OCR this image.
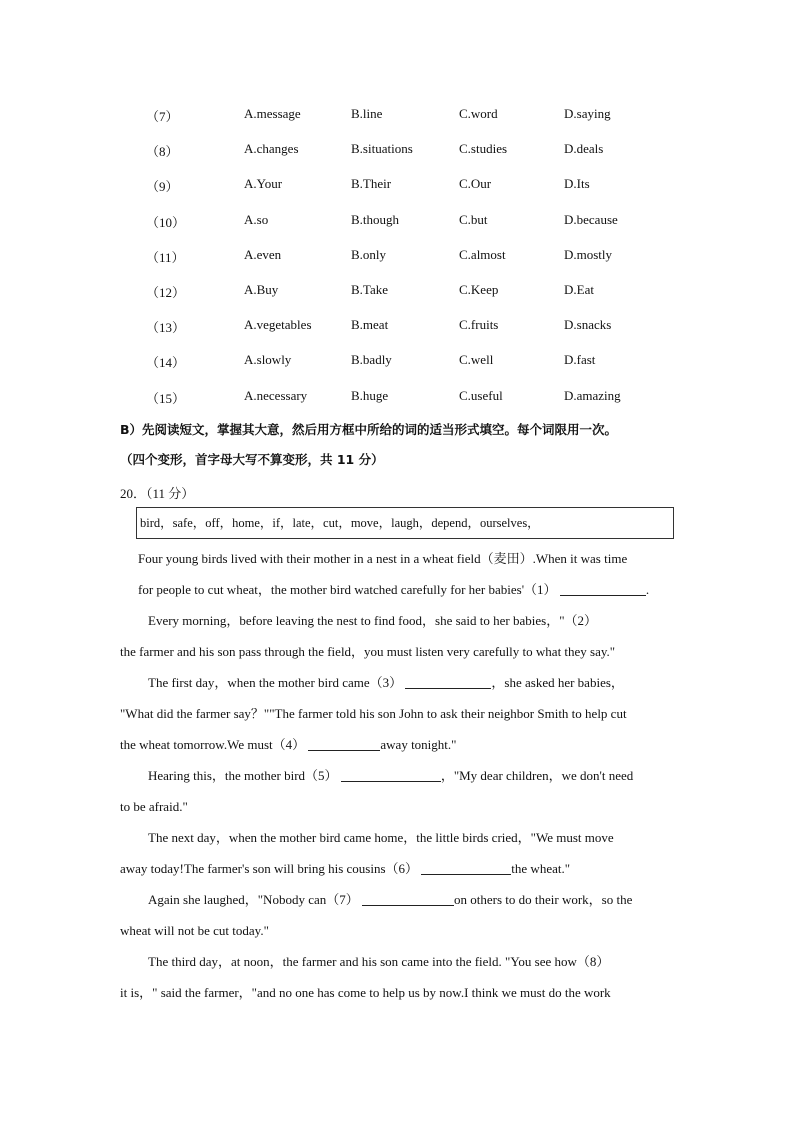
（7）	A.message	B.line	C.word	D.saying
（8）	A.changes	B.situations	C.studies	D.deals
（9）	A.Your	B.Their	C.Our	D.Its
（10）	A.so	B.though	C.but	D.because
（11）	A.even	B.only	C.almost	D.mostly
（12）	A.Buy	B.Take	C.Keep	D.Eat
（13）	A.vegetables	B.meat	C.fruits	D.snacks
（14）	A.slowly	B.badly	C.well	D.fast
（15）	A.necessary	B.huge	C.useful	D.amazing
B）先阅读短文，掌握其大意，然后用方框中所给的词的适当形式填空。每个词限用一次。
（四个变形，首字母大写不算变形，共 11 分）
20．（11 分）
bird，safe，off，home，if，late，cut，move，laugh，depend，ourselves，
Four young birds lived with their mother in a nest in a wheat field（麦田）.When it was time
for people to cut wheat，the mother bird watched carefully for her babies'（1）	.
Every morning，before leaving the nest to find food，she said to her babies，"（2）
the farmer and his son pass through the field，you must listen very carefully to what they say."
The first day，when the mother bird came（3）	，she asked her babies，
"What did the farmer say？""The farmer told his son John to ask their neighbor Smith to help cut
the wheat tomorrow.We must（4）	away tonight."
Hearing this，the mother bird（5）	，"My dear children，we don't need
to be afraid."
The next day，when the mother bird came home，the little birds cried，"We must move
away today!The farmer's son will bring his cousins（6）	the wheat."
Again she laughed，"Nobody can（7）	on others to do their work，so the
wheat will not be cut today."
The third day，at noon，the farmer and his son came into the field. "You see how（8）
it is，" said the farmer，"and no one has come to help us by now.I think we must do the work
